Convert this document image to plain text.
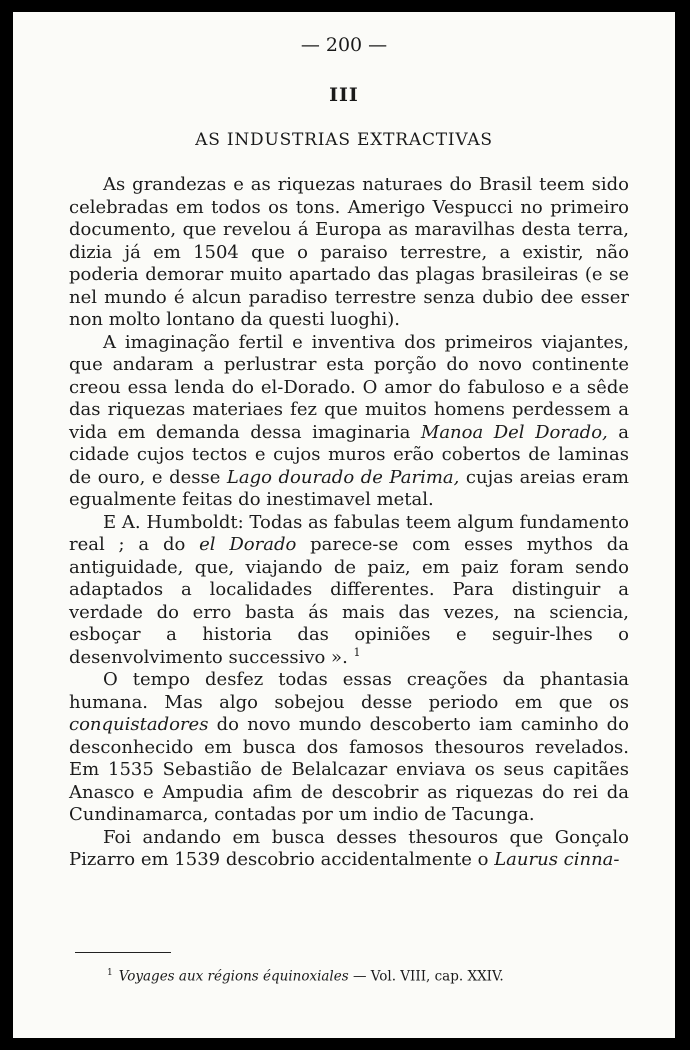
— 200 —
III
AS INDUSTRIAS EXTRACTIVAS

As grandezas e as riquezas naturaes do Brasil teem sido celebradas em todos os tons. Amerigo Vespucci no primeiro documento, que revelou á Europa as maravilhas desta terra, dizia já em 1504 que o paraiso terrestre, a existir, não poderia demorar muito apartado das plagas brasileiras (e se nel mundo é alcun paradiso terrestre senza dubio dee esser non molto lontano da questi luoghi).

A imaginação fertil e inventiva dos primeiros viajantes, que andaram a perlustrar esta porção do novo continente creou essa lenda do el-Dorado. O amor do fabuloso e a sêde das riquezas materiaes fez que muitos homens perdessem a vida em demanda dessa imaginaria Manoa Del Dorado, a cidade cujos tectos e cujos muros erão cobertos de laminas de ouro, e desse Lago dourado de Parima, cujas areias eram egualmente feitas do inestimavel metal.

E A. Humboldt: Todas as fabulas teem algum fundamento real ; a do el Dorado parece-se com esses mythos da antiguidade, que, viajando de paiz, em paiz foram sendo adaptados a localidades differentes. Para distinguir a verdade do erro basta ás mais das vezes, na sciencia, esboçar a historia das opiniões e seguir-lhes o desenvolvimento successivo ». $^1$

O tempo desfez todas essas creações da phantasia humana. Mas algo sobejou desse periodo em que os conquistadores do novo mundo descoberto iam caminho do desconhecido em busca dos famosos thesouros revelados. Em 1535 Sebastião de Belalcazar enviava os seus capitães Anasco e Ampudia afim de descobrir as riquezas do rei da Cundinamarca, contadas por um indio de Tacunga.

Foi andando em busca desses thesouros que Gonçalo Pizarro em 1539 descobrio accidentalmente o Laurus cinna-

$^1$ Voyages aux régions équinoxiales — Vol. VIII, cap. XXIV.
